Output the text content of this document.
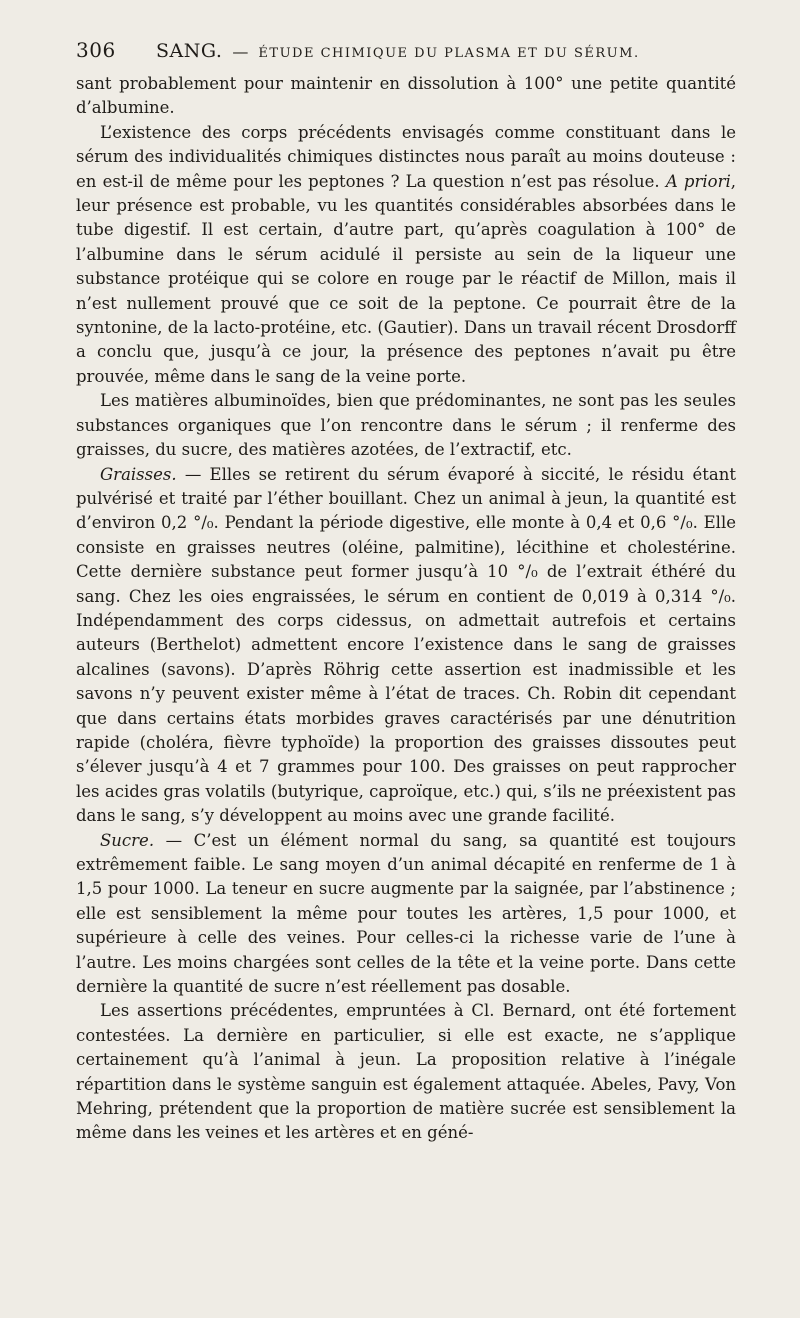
306	SANG. — ÉTUDE CHIMIQUE DU PLASMA ET DU SÉRUM.

sant probablement pour maintenir en dissolution à 100° une petite quantité d’albumine.

L’existence des corps précédents envisagés comme constituant dans le sérum des individualités chimiques distinctes nous paraît au moins douteuse : en est-il de même pour les peptones ? La question n’est pas résolue. A priori, leur présence est probable, vu les quantités considérables absorbées dans le tube digestif. Il est certain, d’autre part, qu’après coagulation à 100° de l’albumine dans le sérum acidulé il persiste au sein de la liqueur une substance protéique qui se colore en rouge par le réactif de Millon, mais il n’est nullement prouvé que ce soit de la peptone. Ce pourrait être de la syntonine, de la lacto-protéine, etc. (Gautier). Dans un travail récent Drosdorff a conclu que, jusqu’à ce jour, la présence des peptones n’avait pu être prouvée, même dans le sang de la veine porte.

Les matières albuminoïdes, bien que prédominantes, ne sont pas les seules substances organiques que l’on rencontre dans le sérum ; il renferme des graisses, du sucre, des matières azotées, de l’extractif, etc.

Graisses. — Elles se retirent du sérum évaporé à siccité, le résidu étant pulvérisé et traité par l’éther bouillant. Chez un animal à jeun, la quantité est d’environ 0,2 °/₀. Pendant la période digestive, elle monte à 0,4 et 0,6 °/₀. Elle consiste en graisses neutres (oléine, palmitine), lécithine et cholestérine. Cette dernière substance peut former jusqu’à 10 °/₀ de l’extrait éthéré du sang. Chez les oies engraissées, le sérum en contient de 0,019 à 0,314 °/₀. Indépendamment des corps cidessus, on admettait autrefois et certains auteurs (Berthelot) admettent encore l’existence dans le sang de graisses alcalines (savons). D’après Röhrig cette assertion est inadmissible et les savons n’y peuvent exister même à l’état de traces. Ch. Robin dit cependant que dans certains états morbides graves caractérisés par une dénutrition rapide (choléra, fièvre typhoïde) la proportion des graisses dissoutes peut s’élever jusqu’à 4 et 7 grammes pour 100. Des graisses on peut rapprocher les acides gras volatils (butyrique, caproïque, etc.) qui, s’ils ne préexistent pas dans le sang, s’y développent au moins avec une grande facilité.

Sucre. — C’est un élément normal du sang, sa quantité est toujours extrêmement faible. Le sang moyen d’un animal décapité en renferme de 1 à 1,5 pour 1000. La teneur en sucre augmente par la saignée, par l’abstinence ; elle est sensiblement la même pour toutes les artères, 1,5 pour 1000, et supérieure à celle des veines. Pour celles-ci la richesse varie de l’une à l’autre. Les moins chargées sont celles de la tête et la veine porte. Dans cette dernière la quantité de sucre n’est réellement pas dosable.

Les assertions précédentes, empruntées à Cl. Bernard, ont été fortement contestées. La dernière en particulier, si elle est exacte, ne s’applique certainement qu’à l’animal à jeun. La proposition relative à l’inégale répartition dans le système sanguin est également attaquée. Abeles, Pavy, Von Mehring, prétendent que la proportion de matière sucrée est sensiblement la même dans les veines et les artères et en géné-
